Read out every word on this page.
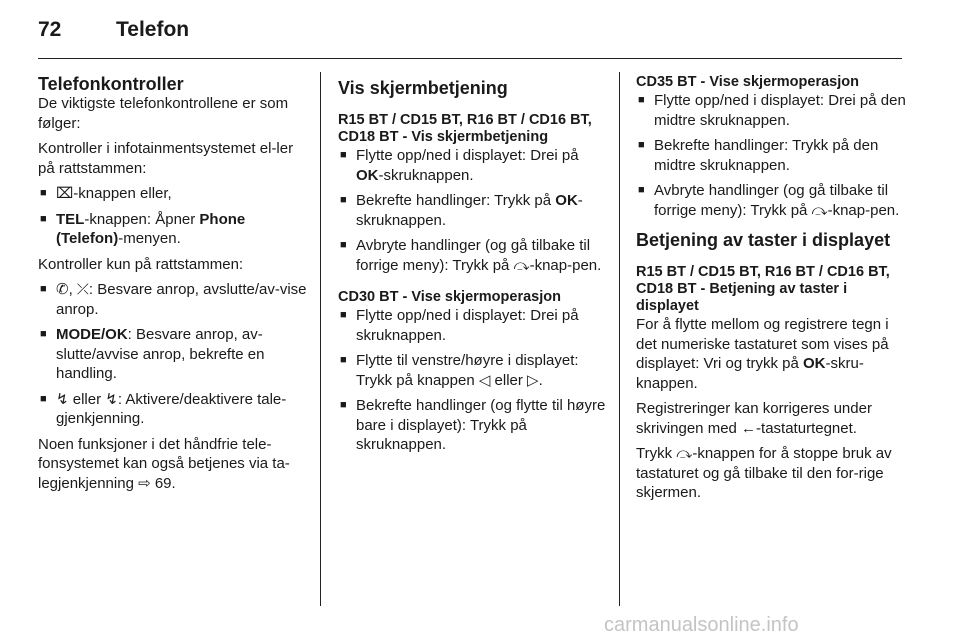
72	Telefon
Telefonkontroller

De viktigste telefonkontrollene er som følger:

Kontroller i infotainmentsystemet el-ler på rattstammen:

■ ⌧-knappen eller,
■ TEL-knappen: Åpner Phone (Telefon)-menyen.

Kontroller kun på rattstammen:

■ ✆, ⤫: Besvare anrop, avslutte/av-vise anrop.
■ MODE/OK: Besvare anrop, av-slutte/avvise anrop, bekrefte en handling.
■ ↯ eller ↯: Aktivere/deaktivere tale-gjenkjenning.

Noen funksjoner i det håndfrie tele-fonsystemet kan også betjenes via ta-legjenkjenning ⇨ 69.

Vis skjermbetjening
R15 BT / CD15 BT, R16 BT / CD16 BT, CD18 BT - Vis skjermbetjening
■ Flytte opp/ned i displayet: Drei på OK-skruknappen.
■ Bekrefte handlinger: Trykk på OK-skruknappen.
■ Avbryte handlinger (og gå tilbake til forrige meny): Trykk på ⤼-knap-pen.
CD30 BT - Vise skjermoperasjon
■ Flytte opp/ned i displayet: Drei på skruknappen.
■ Flytte til venstre/høyre i displayet: Trykk på knappen ◁ eller ▷.
■ Bekrefte handlinger (og flytte til høyre bare i displayet): Trykk på skruknappen.
CD35 BT - Vise skjermoperasjon
■ Flytte opp/ned i displayet: Drei på den midtre skruknappen.
■ Bekrefte handlinger: Trykk på den midtre skruknappen.
■ Avbryte handlinger (og gå tilbake til forrige meny): Trykk på ⤼-knap-pen.
Betjening av taster i displayet
R15 BT / CD15 BT, R16 BT / CD16 BT, CD18 BT - Betjening av taster i displayet

For å flytte mellom og registrere tegn i det numeriske tastaturet som vises på displayet: Vri og trykk på OK-skru-knappen.

Registreringer kan korrigeres under skrivingen med ←-tastaturtegnet.

Trykk ⤼-knappen for å stoppe bruk av tastaturet og gå tilbake til den for-rige skjermen.

carmanualsonline.info
